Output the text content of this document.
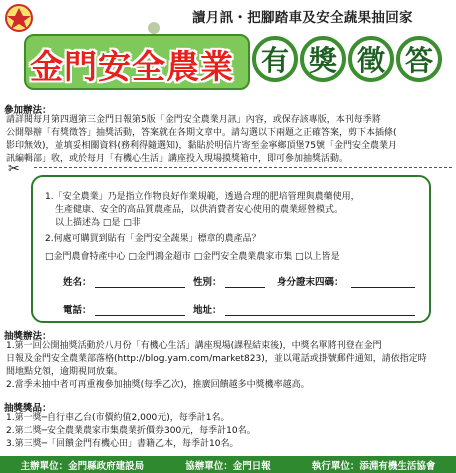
讀月訊・把腳踏車及安全蔬果抽回家
金門安全農業 有 獎 徵 答
參加辦法：
請詳閱每月第四週第三金門日報第5版「金門安全農業月訊」內容，或保存該專版，本刊每季將
公開舉辦「有獎徵答」抽獎活動，答案就在各期文章中。請勾選以下兩題之正確答案，剪下本插條(
影印無效)，並填妥相關資料(務利得隨選知)，黏貼於明信片寄至金寧鄉頂堡75號「金門安全農業月
訊編輯部」收，或於每月「有機心生活」講座投入現場摸獎箱中，即可參加抽獎活動。
✂
1.「安全農業」乃是指立作物良好作業規範，透過合理的肥培管理與農藥使用，
生產健康、安全的高品質農產品，以供消費者安心使用的農業經營模式。
以上描述為 □是 □非
2.何處可購買到貼有「金門安全蔬果」標章的農產品？
□金門農會特產中心 □金門鴻金超市 □金門安全農業農家市集 □以上皆是
姓名：	性別：	身分證末四碼：
電話：	地址：
抽獎辦法：
1.第一回公開抽獎活動於八月份「有機心生活」講座現場(課程結束後)，中獎名單將刊登在金門
日報及金門安全農業部落格(http://blog.yam.com/market823)，並以電話或掛號郵件通知，請依指定時
間地點兌領，逾期視同放棄。
2.當季未抽中者可再重複參加抽獎(每季乙次)，推廣回饋越多中獎機率越高。
抽獎獎品：
1.第一獎─自行車乙台(市價約值2,000元)，每季計1名。
2.第二獎─安全農業農家市集農業折價券300元，每季計10名。
3.第三獎─「回饋金門有機心田」書籍乙本，每季計10名。
主辦單位：金門縣政府建設局	協辦單位：金門日報	執行單位：添淵有機生活協會
